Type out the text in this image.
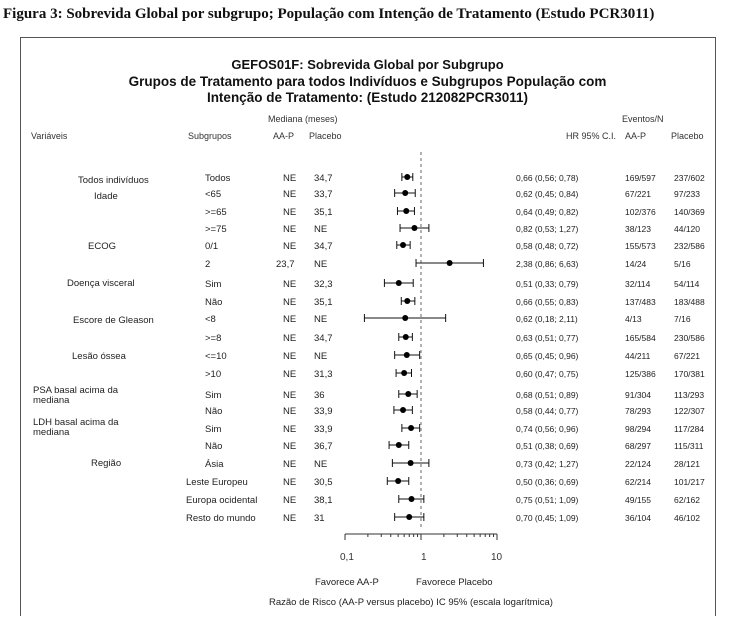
Figura 3: Sobrevida Global por subgrupo; População com Intenção de Tratamento (Estudo PCR3011)
GEFOS01F: Sobrevida Global por Subgrupo
Grupos de Tratamento para todos Indivíduos e Subgrupos População com
Intenção de Tratamento: (Estudo 212082PCR3011)
Mediana (meses)	Eventos/N
Variáveis	Subgrupos	AA-P Placebo	HR 95% C.I. AA-P	Placebo
Todos indivíduos	Todos	NE 34,7	0,66 (0,56; 0,78)	169/597 237/602
Idade	<65	NE 33,7	0,62 (0,45; 0,84)	67/221	97/233
>=65	NE 35,1	0,64 (0,49; 0,82)	102/376 140/369
>=75	NE NE	0,82 (0,53; 1,27)	38/123	44/120
ECOG	0/1	NE 34,7	0,58 (0,48; 0,72)	155/573 232/586
2	23,7 NE	2,38 (0,86; 6,63)	14/24	5/16
Doença visceral	Sim	NE 32,3	0,51 (0,33; 0,79)	32/114	54/114
Não	NE 35,1	0,66 (0,55; 0,83)	137/483 183/488
Escore de Gleason	<8	NE NE	0,62 (0,18; 2,11)	4/13	7/16
>=8	NE 34,7	0,63 (0,51; 0,77)	165/584 230/586
Lesão óssea	<=10	NE NE	0,65 (0,45; 0,96)	44/211	67/221
>10	NE 31,3	0,60 (0,47; 0,75)	125/386 170/381
PSA basal acima da mediana	Sim	NE 36	0,68 (0,51; 0,89)	91/304	113/293
Não	NE 33,9	0,58 (0,44; 0,77)	78/293	122/307
LDH basal acima da mediana	Sim	NE 33,9	0,74 (0,56; 0,96)	98/294	117/284
Não	NE 36,7	0,51 (0,38; 0,69)	68/297	115/311
Região	Ásia	NE NE	0,73 (0,42; 1,27)	22/124	28/121
Leste Europeu	NE 30,5	0,50 (0,36; 0,69)	62/214	101/217
Europa ocidental	NE 38,1	0,75 (0,51; 1,09)	49/155	62/162
Resto do mundo	NE 31	0,70 (0,45; 1,09)	36/104	46/102
0,1	1	10
Favorece AA-P	Favorece Placebo
Razão de Risco (AA-P versus placebo) IC 95% (escala logarítmica)
